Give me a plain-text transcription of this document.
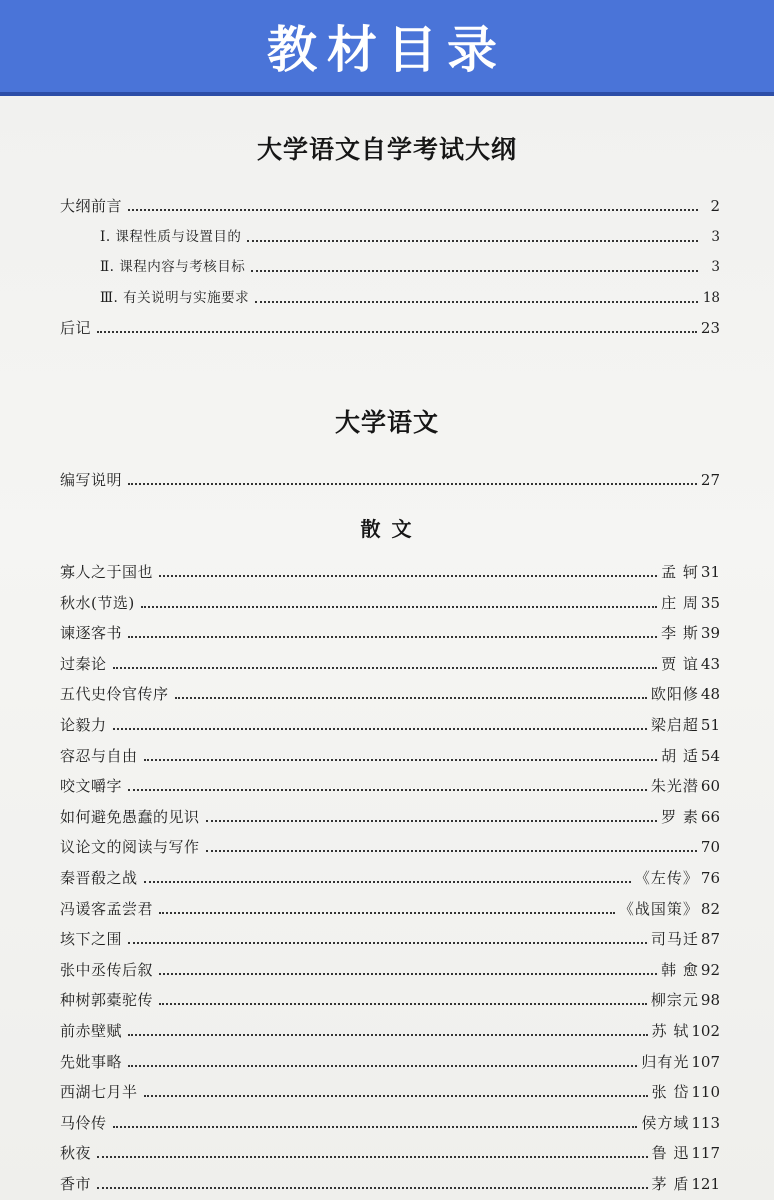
教材目录
大学语文自学考试大纲
大纲前言	2
Ⅰ. 课程性质与设置目的	3
Ⅱ. 课程内容与考核目标	3
Ⅲ. 有关说明与实施要求	18
后记	23
大学语文
编写说明	27
散 文
寡人之于国也	孟 轲 31
秋水(节选)	庄 周 35
谏逐客书	李 斯 39
过秦论	贾 谊 43
五代史伶官传序	欧阳修 48
论毅力	梁启超 51
容忍与自由	胡 适 54
咬文嚼字	朱光潜 60
如何避免愚蠢的见识	罗 素 66
议论文的阅读与写作	70
秦晋殽之战	《左传》 76
冯谖客孟尝君	《战国策》 82
垓下之围	司马迁 87
张中丞传后叙	韩 愈 92
种树郭橐驼传	柳宗元 98
前赤壁赋	苏 轼 102
先妣事略	归有光 107
西湖七月半	张 岱 110
马伶传	侯方域 113
秋夜	鲁 迅 117
香市	茅 盾 121
